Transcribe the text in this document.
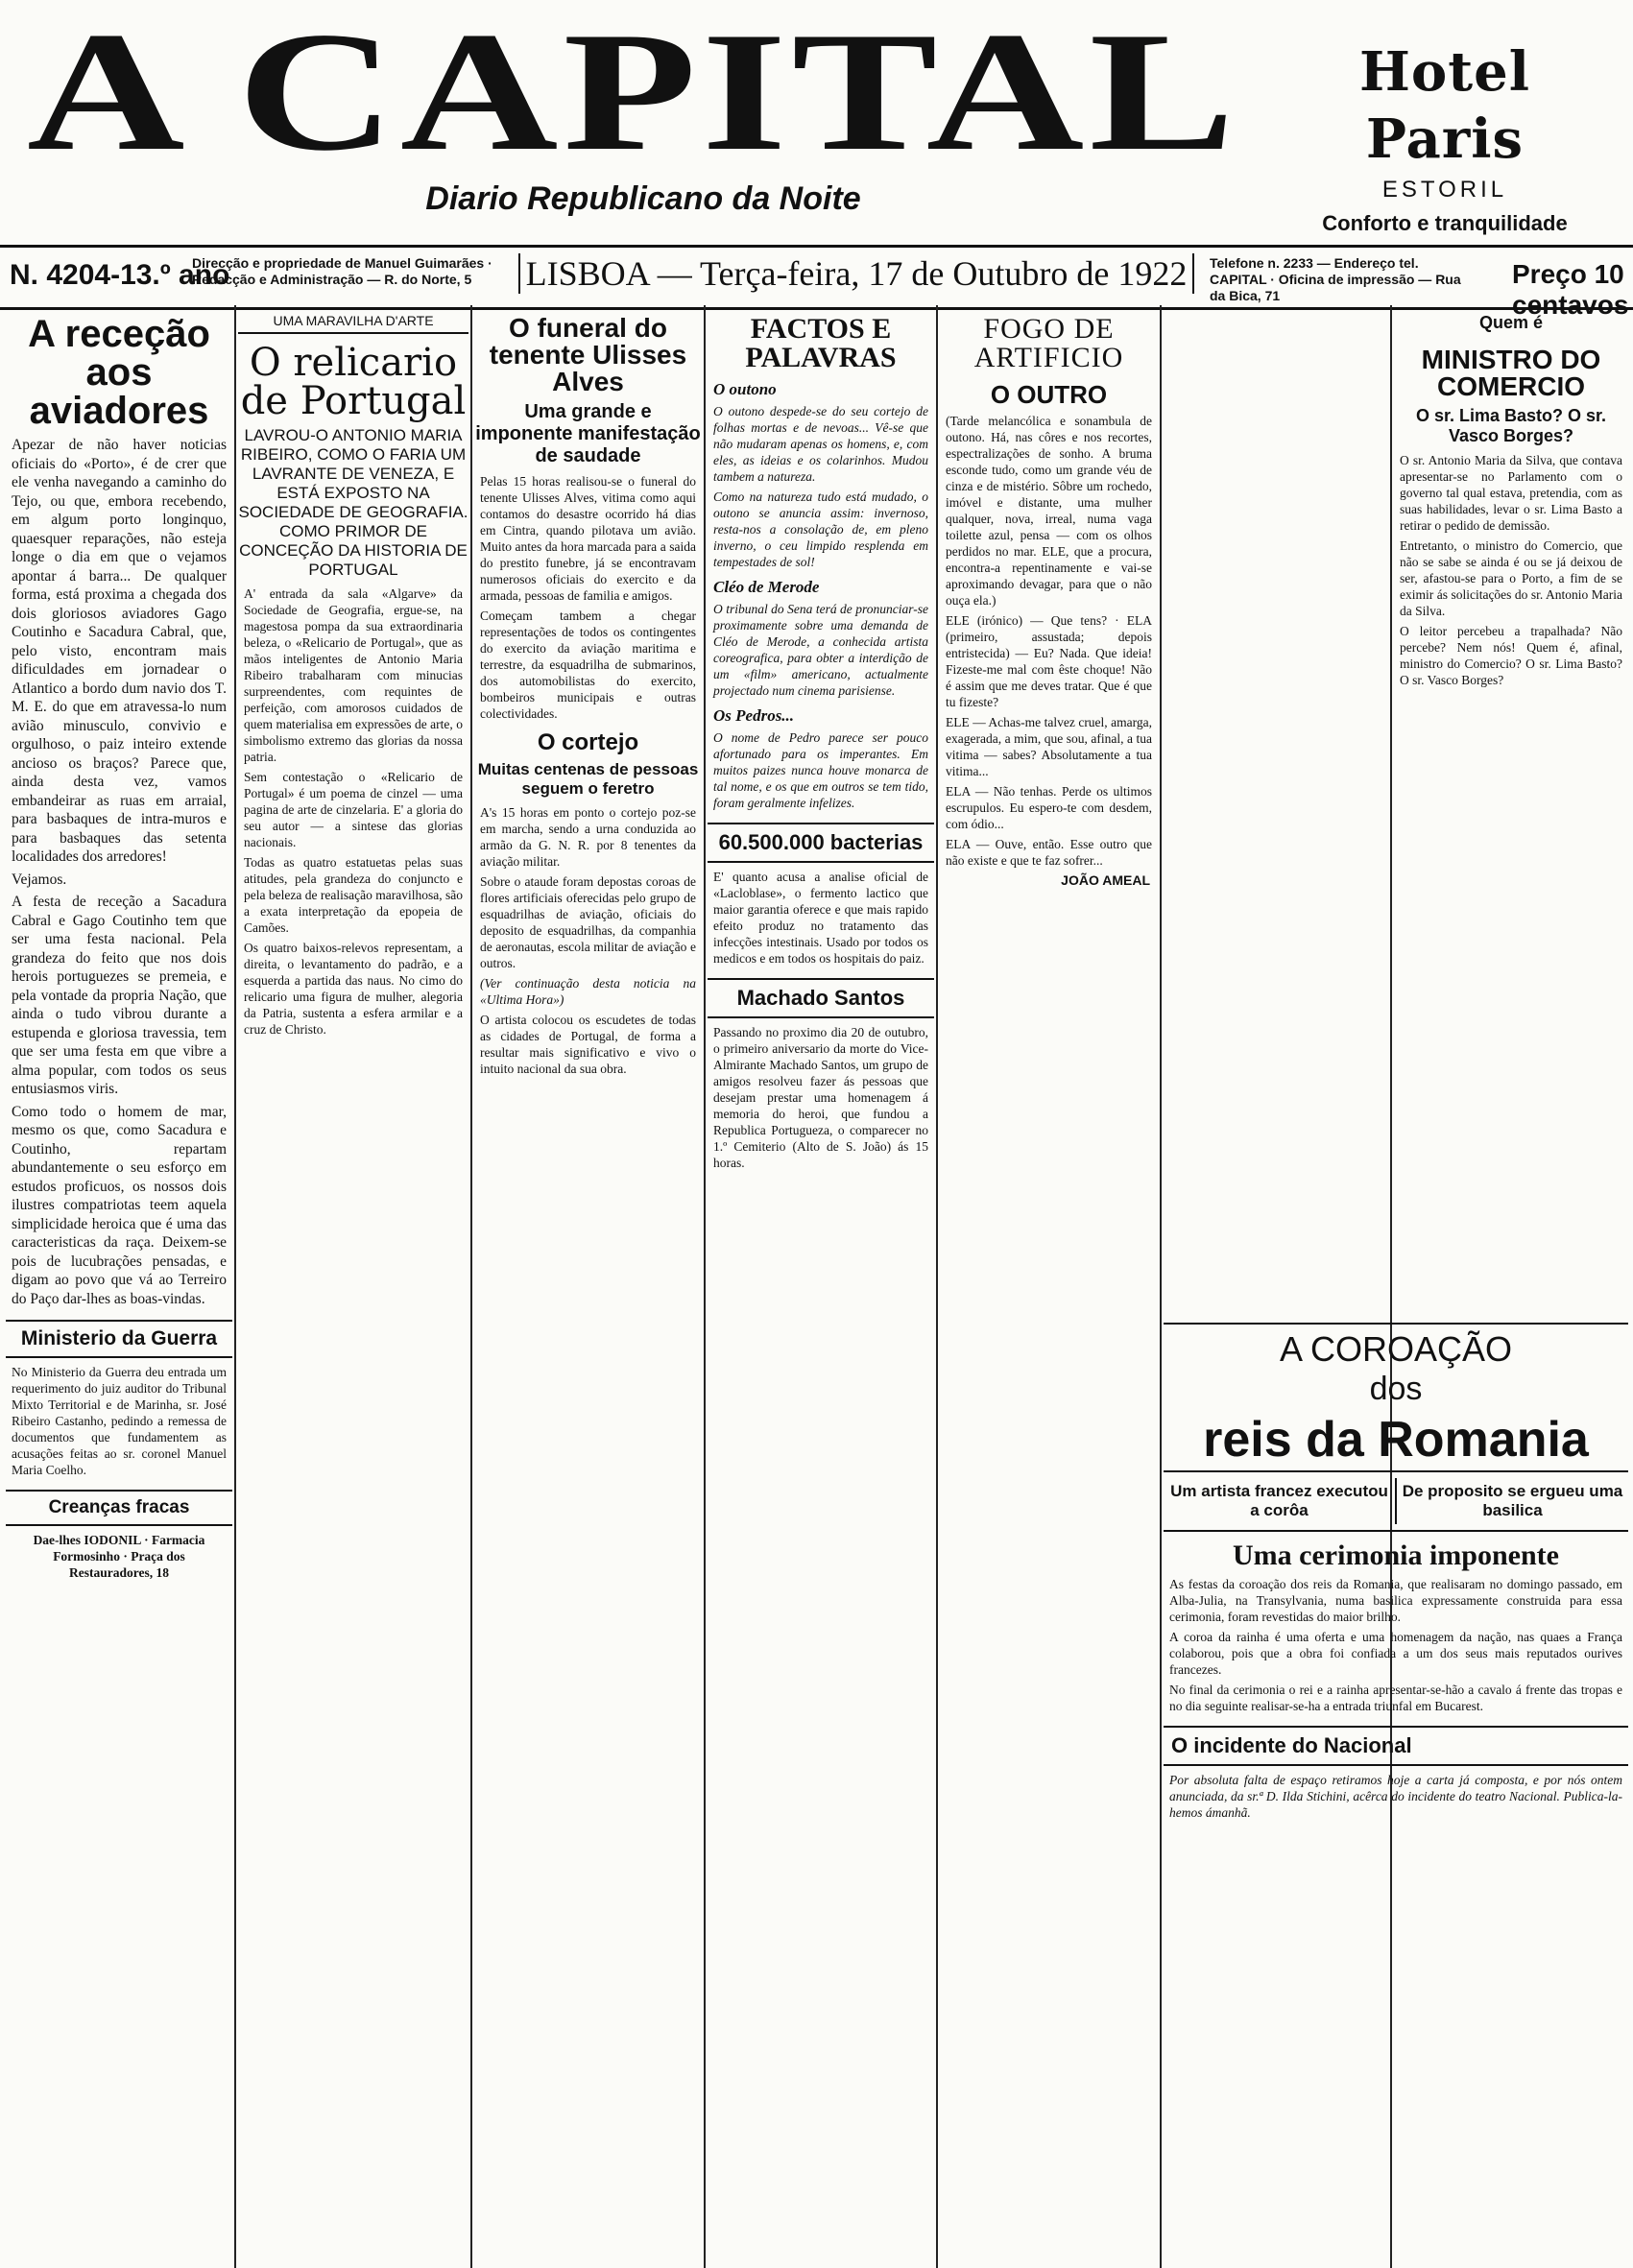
A CAPITAL
Diario Republicano da Noite
Hotel Paris
ESTORIL
Conforto e tranquilidade
N. 4204-13.º ano
Direcção e propriedade de Manuel Guimarães · Redacção e Administração — R. do Norte, 5	LISBOA — Terça-feira, 17 de Outubro de 1922	Telefone n. 2233 — Endereço tel. CAPITAL · Oficina de impressão — Rua da Bica, 71
Preço 10 centavos
A receção aos aviadores

Apezar de não haver noticias oficiais do «Porto», é de crer que ele venha navegando a caminho do Tejo, ou que, embora recebendo, em algum porto longinquo, quaesquer reparações, não esteja longe o dia em que o vejamos apontar á barra... De qualquer forma, está proxima a chegada dos dois gloriosos aviadores Gago Coutinho e Sacadura Cabral, que, pelo visto, encontram mais dificuldades em jornadear o Atlantico a bordo dum navio dos T. M. E. do que em atravessa-lo num avião minusculo, convivio e orgulhoso, o paiz inteiro extende ancioso os braços? Parece que, ainda desta vez, vamos embandeirar as ruas em arraial, para basbaques de intra-muros e para basbaques das setenta localidades dos arredores!

Vejamos.

A festa de receção a Sacadura Cabral e Gago Coutinho tem que ser uma festa nacional. Pela grandeza do feito que nos dois herois portuguezes se premeia, e pela vontade da propria Nação, que ainda o tudo vibrou durante a estupenda e gloriosa travessia, tem que ser uma festa em que vibre a alma popular, com todos os seus entusiasmos viris.

Como todo o homem de mar, mesmo os que, como Sacadura e Coutinho, repartam abundantemente o seu esforço em estudos proficuos, os nossos dois ilustres compatriotas teem aquela simplicidade heroica que é uma das caracteristicas da raça. Deixem-se pois de lucubrações pensadas, e digam ao povo que vá ao Terreiro do Paço dar-lhes as boas-vindas.

Ministerio da Guerra

No Ministerio da Guerra deu entrada um requerimento do juiz auditor do Tribunal Mixto Territorial e de Marinha, sr. José Ribeiro Castanho, pedindo a remessa de documentos que fundamentem as acusações feitas ao sr. coronel Manuel Maria Coelho.

Creanças fracas

Dae-lhes IODONIL · Farmacia Formosinho · Praça dos Restauradores, 18

UMA MARAVILHA D'ARTE
O relicario de Portugal
LAVROU-O ANTONIO MARIA RIBEIRO, COMO O FARIA UM LAVRANTE DE VENEZA, E ESTÁ EXPOSTO NA SOCIEDADE DE GEOGRAFIA. COMO PRIMOR DE CONCEÇÃO DA HISTORIA DE PORTUGAL

A' entrada da sala «Algarve» da Sociedade de Geografia, ergue-se, na magestosa pompa da sua extraordinaria beleza, o «Relicario de Portugal», que as mãos inteligentes de Antonio Maria Ribeiro trabalharam com minucias surpreendentes, com requintes de perfeição, com amorosos cuidados de quem materialisa em expressões de arte, o simbolismo extremo das glorias da nossa patria.

Sem contestação o «Relicario de Portugal» é um poema de cinzel — uma pagina de arte de cinzelaria. E' a gloria do seu autor — a sintese das glorias nacionais.

Todas as quatro estatuetas pelas suas atitudes, pela grandeza do conjuncto e pela beleza de realisação maravilhosa, são a exata interpretação da epopeia de Camões.

Os quatro baixos-relevos representam, a direita, o levantamento do padrão, e a esquerda a partida das naus. No cimo do relicario uma figura de mulher, alegoria da Patria, sustenta a esfera armilar e a cruz de Christo.

O funeral do tenente Ulisses Alves
Uma grande e imponente manifestação de saudade

Pelas 15 horas realisou-se o funeral do tenente Ulisses Alves, vitima como aqui contamos do desastre ocorrido há dias em Cintra, quando pilotava um avião. Muito antes da hora marcada para a saida do prestito funebre, já se encontravam numerosos oficiais do exercito e da armada, pessoas de familia e amigos.

Começam tambem a chegar representações de todos os contingentes do exercito da aviação maritima e terrestre, da esquadrilha de submarinos, dos automobilistas do exercito, bombeiros municipais e outras colectividades.

O cortejo
Muitas centenas de pessoas seguem o feretro

A's 15 horas em ponto o cortejo poz-se em marcha, sendo a urna conduzida ao armão da G. N. R. por 8 tenentes da aviação militar.

Sobre o ataude foram depostas coroas de flores artificiais oferecidas pelo grupo de esquadrilhas de aviação, oficiais do deposito de esquadrilhas, da companhia de aeronautas, escola militar de aviação e outros.

(Ver continuação desta noticia na «Ultima Hora»)

O artista colocou os escudetes de todas as cidades de Portugal, de forma a resultar mais significativo e vivo o intuito nacional da sua obra.

FACTOS E PALAVRAS
O outono

O outono despede-se do seu cortejo de folhas mortas e de nevoas... Vê-se que não mudaram apenas os homens, e, com eles, as ideias e os colarinhos. Mudou tambem a natureza.

Como na natureza tudo está mudado, o outono se anuncia assim: invernoso, resta-nos a consolação de, em pleno inverno, o ceu limpido resplenda em tempestades de sol!

Cléo de Merode

O tribunal do Sena terá de pronunciar-se proximamente sobre uma demanda de Cléo de Merode, a conhecida artista coreografica, para obter a interdição de um «film» americano, actualmente projectado num cinema parisiense.

Os Pedros...

O nome de Pedro parece ser pouco afortunado para os imperantes. Em muitos paizes nunca houve monarca de tal nome, e os que em outros se tem tido, foram geralmente infelizes.

60.500.000 bacterias

E' quanto acusa a analise oficial de «Lacloblase», o fermento lactico que maior garantia oferece e que mais rapido efeito produz no tratamento das infecções intestinais. Usado por todos os medicos e em todos os hospitais do paiz.

Machado Santos

Passando no proximo dia 20 de outubro, o primeiro aniversario da morte do Vice-Almirante Machado Santos, um grupo de amigos resolveu fazer ás pessoas que desejam prestar uma homenagem á memoria do heroi, que fundou a Republica Portugueza, o comparecer no 1.º Cemiterio (Alto de S. João) ás 15 horas.

FOGO DE ARTIFICIO
O OUTRO

(Tarde melancólica e sonambula de outono. Há, nas côres e nos recortes, espectralizações de sonho. A bruma esconde tudo, como um grande véu de cinza e de mistério. Sôbre um rochedo, imóvel e distante, uma mulher qualquer, nova, irreal, numa vaga toilette azul, pensa — com os olhos perdidos no mar. ELE, que a procura, encontra-a repentinamente e vai-se aproximando devagar, para que o não ouça ela.)

ELE (irónico) — Que tens? · ELA (primeiro, assustada; depois entristecida) — Eu? Nada. Que ideia! Fizeste-me mal com êste choque! Não é assim que me deves tratar. Que é que tu fizeste?

ELE — Achas-me talvez cruel, amarga, exagerada, a mim, que sou, afinal, a tua vitima — sabes? Absolutamente a tua vitima...

ELA — Não tenhas. Perde os ultimos escrupulos. Eu espero-te com desdem, com ódio...

ELA — Ouve, então. Esse outro que não existe e que te faz sofrer...

JOÃO AMEAL
Quem é
MINISTRO DO COMERCIO
O sr. Lima Basto? O sr. Vasco Borges?

O sr. Antonio Maria da Silva, que contava apresentar-se no Parlamento com o governo tal qual estava, pretendia, com as suas habilidades, levar o sr. Lima Basto a retirar o pedido de demissão.

Entretanto, o ministro do Comercio, que não se sabe se ainda é ou se já deixou de ser, afastou-se para o Porto, a fim de se eximir ás solicitações do sr. Antonio Maria da Silva.

O leitor percebeu a trapalhada? Não percebe? Nem nós! Quem é, afinal, ministro do Comercio? O sr. Lima Basto? O sr. Vasco Borges?

A COROAÇÃO
dos
reis da Romania
Um artista francez executou a corôa
De proposito se ergueu uma basilica
Uma cerimonia imponente

As festas da coroação dos reis da Romania, que realisaram no domingo passado, em Alba-Julia, na Transylvania, numa basilica expressamente construida para essa cerimonia, foram revestidas do maior brilho.

A coroa da rainha é uma oferta e uma homenagem da nação, nas quaes a França colaborou, pois que a obra foi confiada a um dos seus mais reputados ourives francezes.

No final da cerimonia o rei e a rainha apresentar-se-hão a cavalo á frente das tropas e no dia seguinte realisar-se-ha a entrada triunfal em Bucarest.

O incidente do Nacional

Por absoluta falta de espaço retiramos hoje a carta já composta, e por nós ontem anunciada, da sr.ª D. Ilda Stichini, acêrca do incidente do teatro Nacional. Publica-la-hemos ámanhã.
